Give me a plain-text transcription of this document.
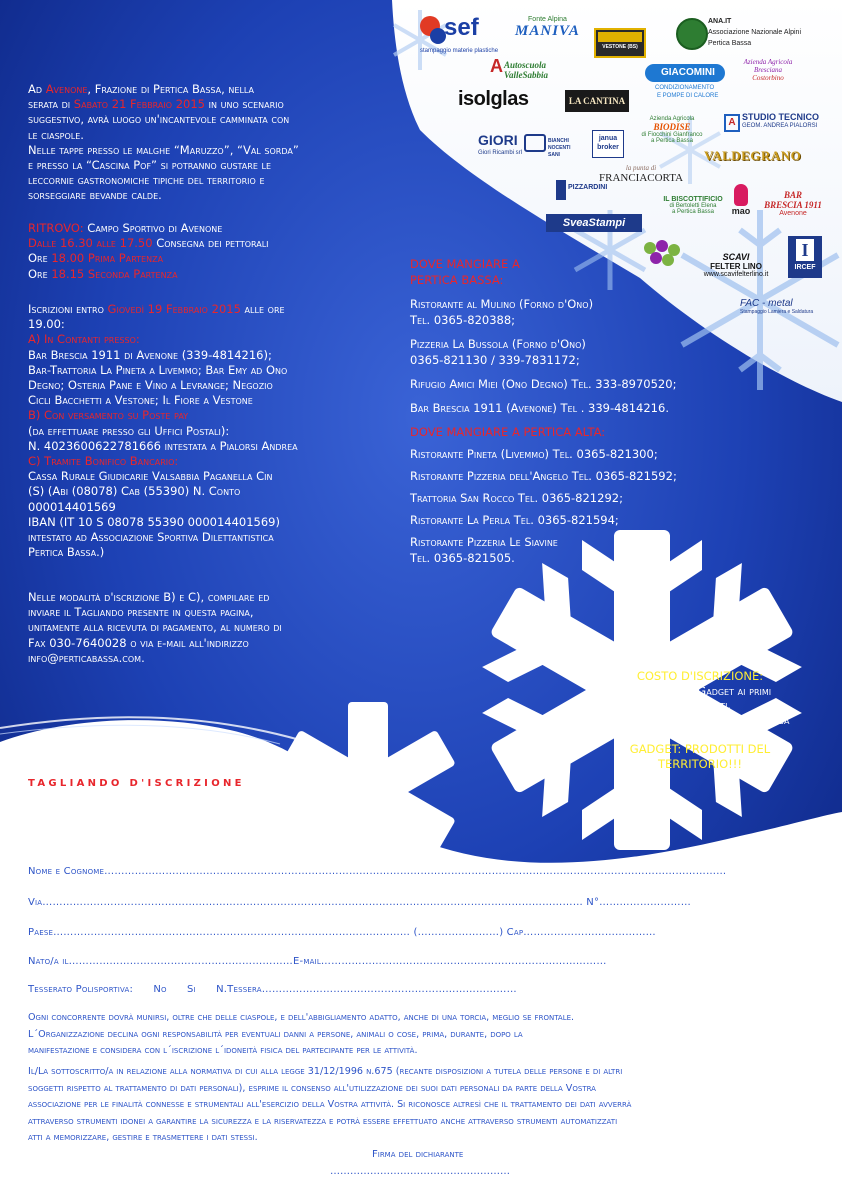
sef
stampaggio materie plastiche
Fonte Alpina
MANIVA
VESTONE (BS)
ANA.IT
Associazione Nazionale Alpini
Pertica Bassa
A Autoscuola ValleSabbia	GIACOMINI
CONDIZIONAMENTO
E POMPE DI CALORE
Azienda Agricola
Bresciana
Costorbino
isolglas	LA CANTINA
Azienda Agricola
BIODISE
di Fiocchini Gianfranco
a Pertica Bassa
A STUDIO TECNICO
GEOM. ANDREA PIALORSI
GIORI
Giori Ricambi srl
BIANCHI NOCENTI SANI
janua broker
la punta di
FRANCIACORTA
VALDEGRANO
PIZZARDINI
IL BISCOTTIFICIO
di Bertoletti Elena
a Pertica Bassa	mao
BAR
BRESCIA 1911
Avenone
SveaStampi
SCAVI
FELTER LINO
www.scavifelterlino.it
I
IRCEF
FAC - metal
Stampaggio Lamiera e Saldatura
Ad Avenone, Frazione di Pertica Bassa, nella
serata di Sabato 21 Febbraio 2015 in uno scenario
suggestivo, avrà luogo un'incantevole camminata con
le ciaspole.
Nelle tappe presso le malghe “Maruzzo”, “Val sorda”
e presso la “Cascina Pof” si potranno gustare le
leccornie gastronomiche tipiche del territorio e
sorseggiare bevande calde.
RITROVO: Campo Sportivo di Avenone
Dalle 16.30 alle 17.50 Consegna dei pettorali
Ore 18.00 Prima Partenza
Ore 18.15 Seconda Partenza
Iscrizioni entro Giovedì 19 Febbraio 2015 alle ore
19.00:
A) In Contanti presso:
Bar Brescia 1911 di Avenone (339-4814216);
Bar-Trattoria La Pineta a Livemmo; Bar Emy ad Ono
Degno; Osteria Pane e Vino a Levrange; Negozio
Cicli Bacchetti a Vestone; Il Fiore a Vestone
B) Con versamento su Poste pay
(da effettuare presso gli Uffici Postali):
N. 4023600622781666 intestata a Pialorsi Andrea
C) Tramite Bonifico Bancario:
Cassa Rurale Giudicarie Valsabbia Paganella Cin
(S) (Abi (08078) Cab (55390) N. Conto
000014401569
IBAN (IT 10 S 08078 55390 000014401569)
intestato ad Associazione Sportiva Dilettantistica
Pertica Bassa.)
Nelle modalità d'iscrizione B) e C), compilare ed
inviare il Tagliando presente in questa pagina,
unitamente alla ricevuta di pagamento, al numero di
Fax 030-7640028 o via e-mail all'indirizzo
info@perticabassa.com.
DOVE MANGIARE A
PERTICA BASSA:
Ristorante al Mulino (Forno d'Ono)
Tel. 0365-820388;
Pizzeria La Bussola (Forno d'Ono)
0365-821130 / 339-7831172;
Rifugio Amici Miei (Ono Degno) Tel. 333-8970520;
Bar Brescia 1911 (Avenone) Tel . 339-4814216.
DOVE MANGIARE A PERTICA ALTA:
Ristorante Pineta (Livemmo) Tel. 0365-821300;
Ristorante Pizzeria dell'Angelo Tel. 0365-821592;
Trattoria San Rocco Tel. 0365-821292;
Ristorante La Perla Tel. 0365-821594;
Ristorante Pizzeria Le Siavine
Tel. 0365-821505.
COSTO D'ISCRIZIONE:
10 Euro con Gadget ai primi
300 iscritti.
Tesserati Polisportiva Pertica Bassa
5 Euro con Gadget
GADGET: PRODOTTI DEL
TERRITORIO!!!
TAGLIANDO D'ISCRIZIONE
Nome e Cognome…………………………………………………………………………………………………………………………………………………………………
Via…………………………………………………………………………………………………………………………………………… N°………………………
Paese…………………………………………………………………………………………… (……………………) Cap…………………………………
Nato/a il…………………………………………………………E-mail…………………………………………………………………………
Tesserato Polisportiva:      No      Si      N.Tessera…………………………………………………………………
Ogni concorrente dovrà munirsi, oltre che delle ciaspole, e dell'abbigliamento adatto, anche di una torcia, meglio se frontale.
L´Organizzazione declina ogni responsabilità per eventuali danni a persone, animali o cose, prima, durante, dopo la
manifestazione e considera con l´iscrizione l´idoneità fisica del partecipante per le attività.
Il/La sottoscritto/a in relazione alla normativa di cui alla legge 31/12/1996 n.675 (recante disposizioni a tutela delle persone e di altri
soggetti rispetto al trattamento di dati personali), esprime il consenso all'utilizzazione dei suoi dati personali da parte della Vostra
associazione per le finalità connesse e strumentali all'esercizio della Vostra attività. Si riconosce altresì che il trattamento dei dati avverrà
attraverso strumenti idonei a garantire la sicurezza e la riservatezza e potrà essere effettuato anche attraverso strumenti automatizzati
atti a memorizzare, gestire e trasmettere i dati stessi.
Firma del dichiarante
………………………………………………
